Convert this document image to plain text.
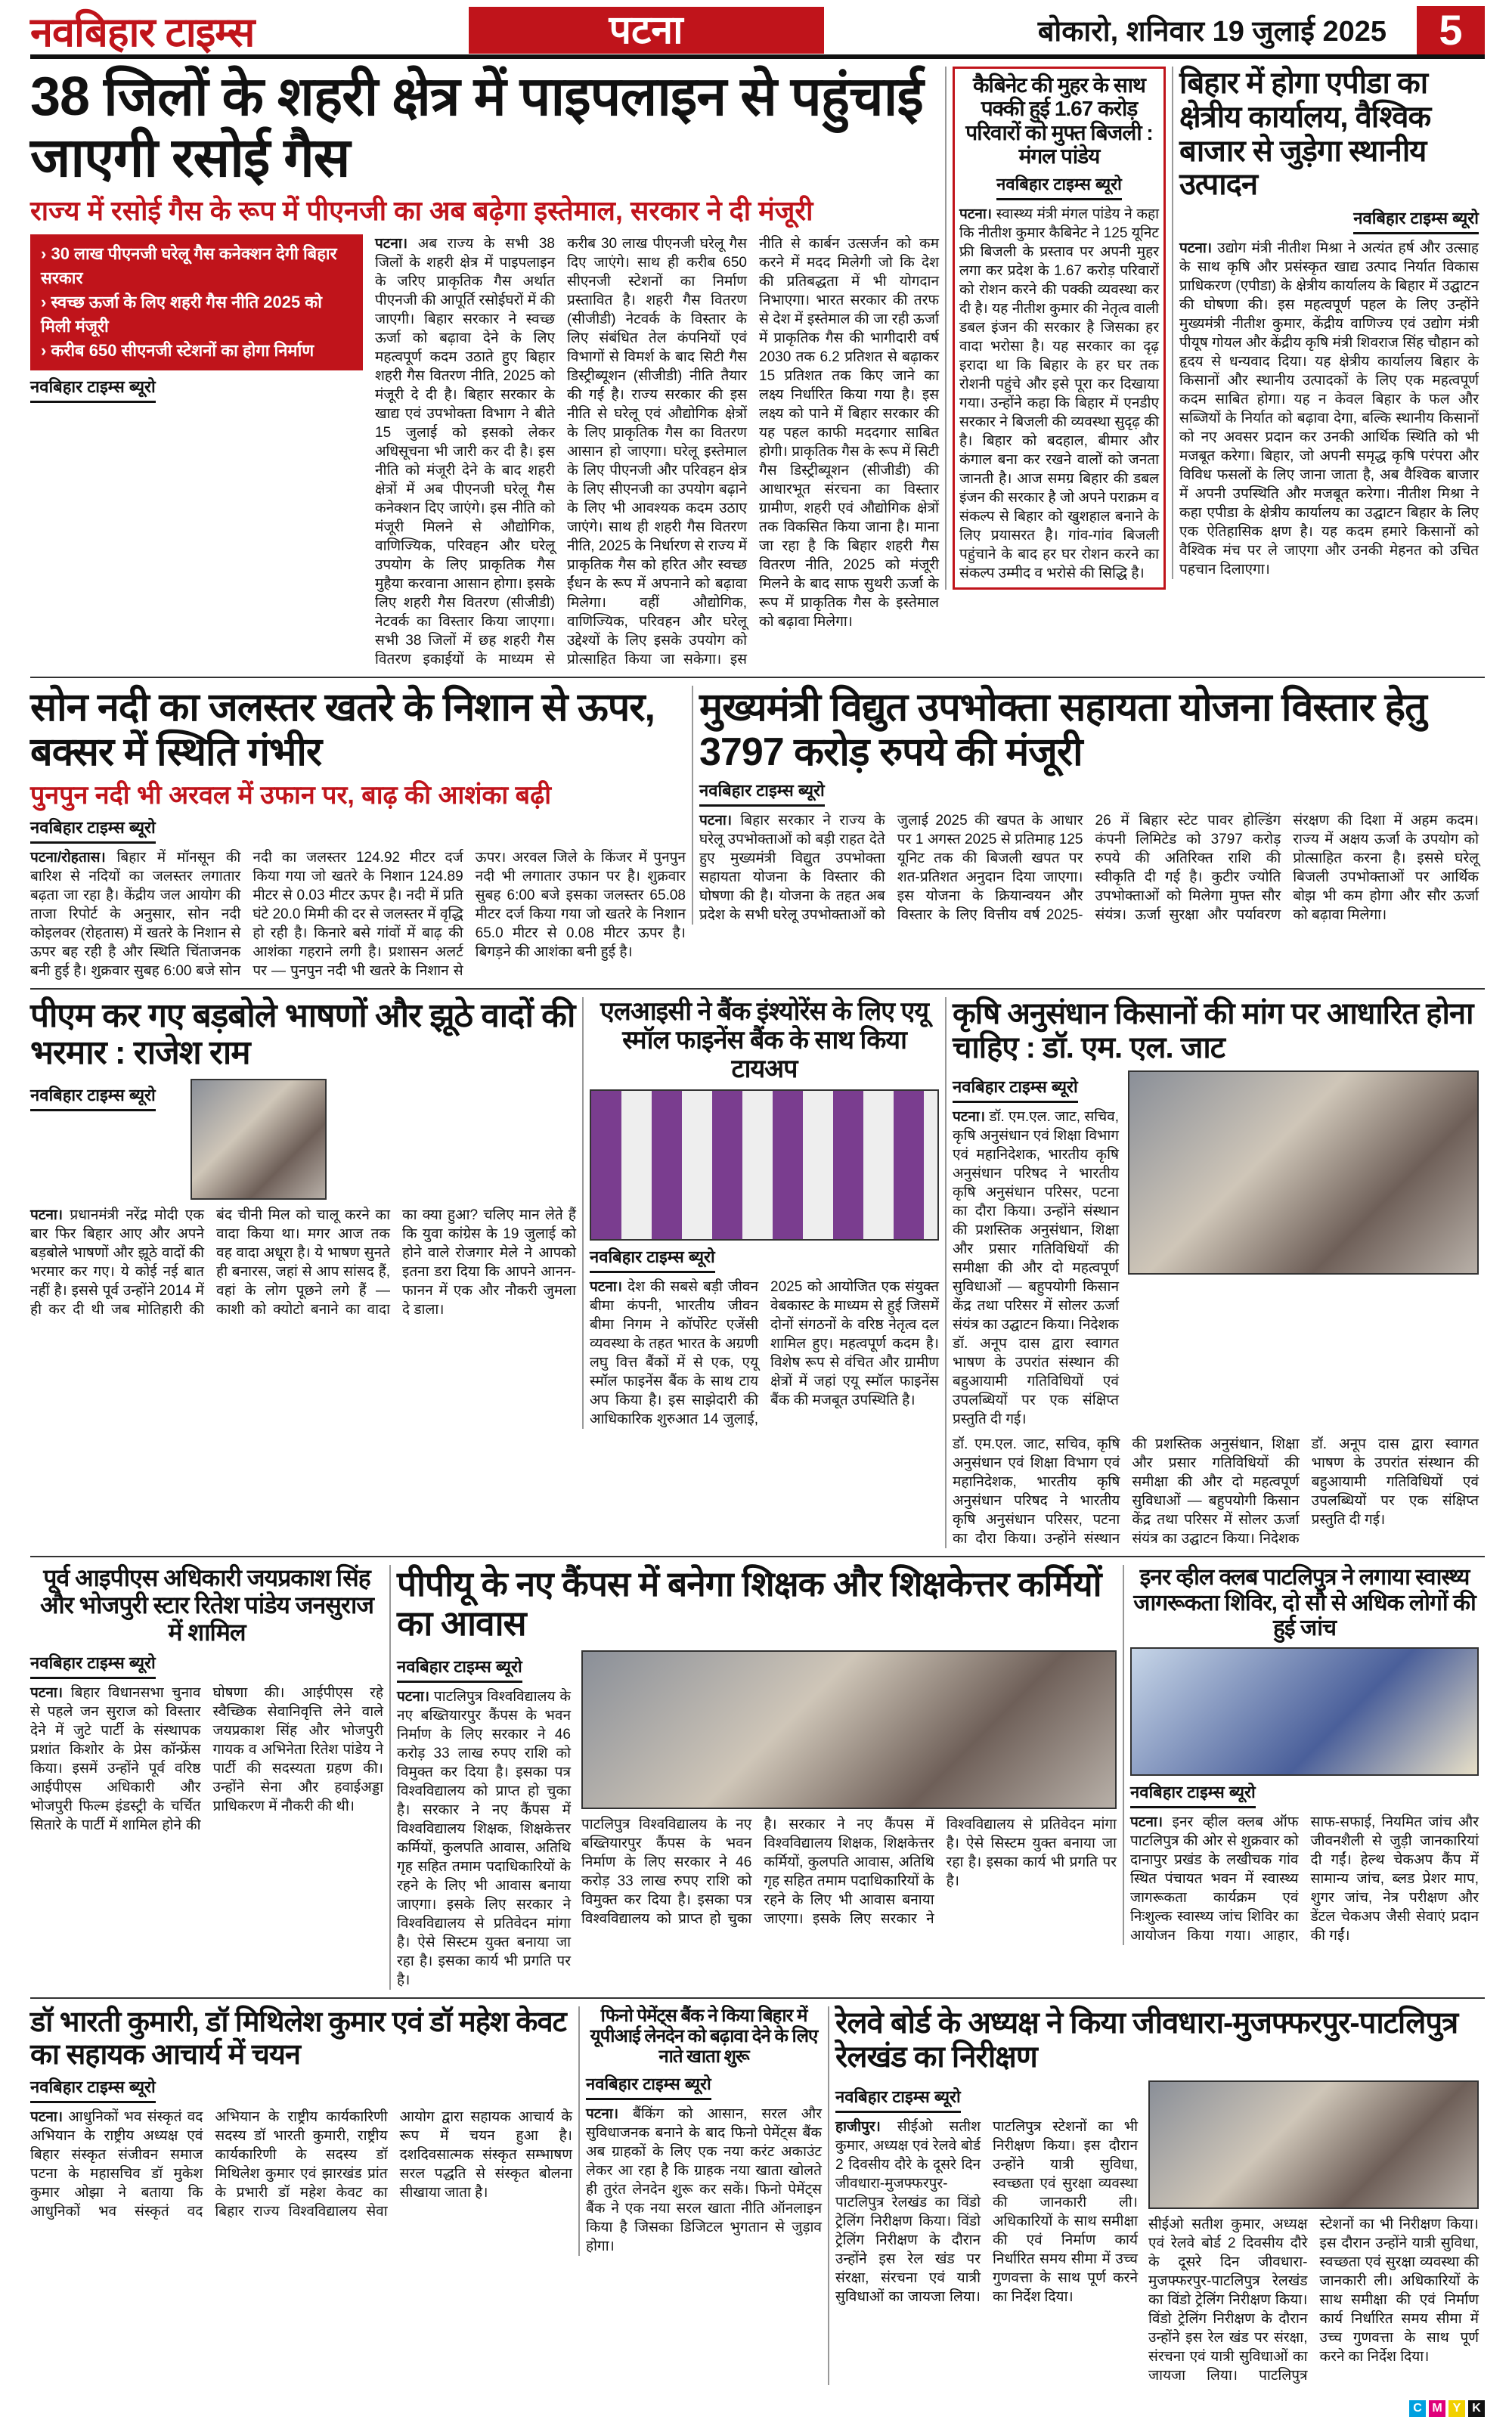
नवबिहार टाइम्स	पटना	बोकारो, शनिवार 19 जुलाई 2025	5
38 जिलों के शहरी क्षेत्र में पाइपलाइन से पहुंचाई जाएगी रसोई गैस
राज्य में रसोई गैस के रूप में पीएनजी का अब बढ़ेगा इस्तेमाल, सरकार ने दी मंजूरी
› 30 लाख पीएनजी घरेलू गैस कनेक्शन देगी बिहार सरकार
› स्वच्छ ऊर्जा के लिए शहरी गैस नीति 2025 को मिली मंजूरी
› करीब 650 सीएनजी स्टेशनों का होगा निर्माण
नवबिहार टाइम्स ब्यूरो
पटना। अब राज्य के सभी 38 जिलों के शहरी क्षेत्र में पाइपलाइन के जरिए प्राकृतिक गैस अर्थात पीएनजी की आपूर्ति रसोईघरों में की जाएगी। बिहार सरकार ने स्वच्छ ऊर्जा को बढ़ावा देने के लिए महत्वपूर्ण कदम उठाते हुए बिहार शहरी गैस वितरण नीति, 2025 को मंजूरी दे दी है। बिहार सरकार के खाद्य एवं उपभोक्ता विभाग ने बीते 15 जुलाई को इसको लेकर अधिसूचना भी जारी कर दी है। इस नीति को मंजूरी देने के बाद शहरी क्षेत्रों में अब पीएनजी घरेलू गैस कनेक्शन दिए जाएंगे। इस नीति को मंजूरी मिलने से औद्योगिक, वाणिज्यिक, परिवहन और घरेलू उपयोग के लिए प्राकृतिक गैस मुहैया करवाना आसान होगा। इसके लिए शहरी गैस वितरण (सीजीडी) नेटवर्क का विस्तार किया जाएगा। सभी 38 जिलों में छह शहरी गैस वितरण इकाईयों के माध्यम से करीब 30 लाख पीएनजी घरेलू गैस दिए जाएंगे। साथ ही करीब 650 सीएनजी स्टेशनों का निर्माण प्रस्तावित है। शहरी गैस वितरण (सीजीडी) नेटवर्क के विस्तार के लिए संबंधित तेल कंपनियों एवं विभागों से विमर्श के बाद सिटी गैस डिस्ट्रीब्यूशन (सीजीडी) नीति तैयार की गई है। राज्य सरकार की इस नीति से घरेलू एवं औद्योगिक क्षेत्रों के लिए प्राकृतिक गैस का वितरण आसान हो जाएगा। घरेलू इस्तेमाल के लिए पीएनजी और परिवहन क्षेत्र के लिए सीएनजी का उपयोग बढ़ाने के लिए भी आवश्यक कदम उठाए जाएंगे। साथ ही शहरी गैस वितरण नीति, 2025 के निर्धारण से राज्य में प्राकृतिक गैस को हरित और स्वच्छ ईंधन के रूप में अपनाने को बढ़ावा मिलेगा। वहीं औद्योगिक, वाणिज्यिक, परिवहन और घरेलू उद्देश्यों के लिए इसके उपयोग को प्रोत्साहित किया जा सकेगा। इस नीति से कार्बन उत्सर्जन को कम करने में मदद मिलेगी जो कि देश की प्रतिबद्धता में भी योगदान निभाएगा। भारत सरकार की तरफ से देश में इस्तेमाल की जा रही ऊर्जा में प्राकृतिक गैस की भागीदारी वर्ष 2030 तक 6.2 प्रतिशत से बढ़ाकर 15 प्रतिशत तक किए जाने का लक्ष्य निर्धारित किया गया है। इस लक्ष्य को पाने में बिहार सरकार की यह पहल काफी मददगार साबित होगी। प्राकृतिक गैस के रूप में सिटी गैस डिस्ट्रीब्यूशन (सीजीडी) की आधारभूत संरचना का विस्तार ग्रामीण, शहरी एवं औद्योगिक क्षेत्रों तक विकसित किया जाना है। माना जा रहा है कि बिहार शहरी गैस वितरण नीति, 2025 को मंजूरी मिलने के बाद साफ सुथरी ऊर्जा के रूप में प्राकृतिक गैस के इस्तेमाल को बढ़ावा मिलेगा।
कैबिनेट की मुहर के साथ पक्की हुई 1.67 करोड़ परिवारों को मुफ्त बिजली : मंगल पांडेय
नवबिहार टाइम्स ब्यूरो
पटना। स्वास्थ्य मंत्री मंगल पांडेय ने कहा कि नीतीश कुमार कैबिनेट ने 125 यूनिट फ्री बिजली के प्रस्ताव पर अपनी मुहर लगा कर प्रदेश के 1.67 करोड़ परिवारों को रोशन करने की पक्की व्यवस्था कर दी है। यह नीतीश कुमार की नेतृत्व वाली डबल इंजन की सरकार है जिसका हर वादा भरोसा है। यह सरकार का दृढ़ इरादा था कि बिहार के हर घर तक रोशनी पहुंचे और इसे पूरा कर दिखाया गया। उन्होंने कहा कि बिहार में एनडीए सरकार ने बिजली की व्यवस्था सुदृढ़ की है। बिहार को बदहाल, बीमार और कंगाल बना कर रखने वालों को जनता जानती है। आज समग्र बिहार की डबल इंजन की सरकार है जो अपने पराक्रम व संकल्प से बिहार को खुशहाल बनाने के लिए प्रयासरत है। गांव-गांव बिजली पहुंचाने के बाद हर घर रोशन करने का संकल्प उम्मीद व भरोसे की सिद्धि है।
बिहार में होगा एपीडा का क्षेत्रीय कार्यालय, वैश्विक बाजार से जुड़ेगा स्थानीय उत्पादन
नवबिहार टाइम्स ब्यूरो
पटना। उद्योग मंत्री नीतीश मिश्रा ने अत्यंत हर्ष और उत्साह के साथ कृषि और प्रसंस्कृत खाद्य उत्पाद निर्यात विकास प्राधिकरण (एपीडा) के क्षेत्रीय कार्यालय के बिहार में उद्घाटन की घोषणा की। इस महत्वपूर्ण पहल के लिए उन्होंने मुख्यमंत्री नीतीश कुमार, केंद्रीय वाणिज्य एवं उद्योग मंत्री पीयूष गोयल और केंद्रीय कृषि मंत्री शिवराज सिंह चौहान को हृदय से धन्यवाद दिया। यह क्षेत्रीय कार्यालय बिहार के किसानों और स्थानीय उत्पादकों के लिए एक महत्वपूर्ण कदम साबित होगा। यह न केवल बिहार के फल और सब्जियों के निर्यात को बढ़ावा देगा, बल्कि स्थानीय किसानों को नए अवसर प्रदान कर उनकी आर्थिक स्थिति को भी मजबूत करेगा। बिहार, जो अपनी समृद्ध कृषि परंपरा और विविध फसलों के लिए जाना जाता है, अब वैश्विक बाजार में अपनी उपस्थिति और मजबूत करेगा। नीतीश मिश्रा ने कहा एपीडा के क्षेत्रीय कार्यालय का उद्घाटन बिहार के लिए एक ऐतिहासिक क्षण है। यह कदम हमारे किसानों को वैश्विक मंच पर ले जाएगा और उनकी मेहनत को उचित पहचान दिलाएगा।
सोन नदी का जलस्तर खतरे के निशान से ऊपर, बक्सर में स्थिति गंभीर
पुनपुन नदी भी अरवल में उफान पर, बाढ़ की आशंका बढ़ी
नवबिहार टाइम्स ब्यूरो
पटना/रोहतास। बिहार में मॉनसून की बारिश से नदियों का जलस्तर लगातार बढ़ता जा रहा है। केंद्रीय जल आयोग की ताजा रिपोर्ट के अनुसार, सोन नदी कोइलवर (रोहतास) में खतरे के निशान से ऊपर बह रही है और स्थिति चिंताजनक बनी हुई है। शुक्रवार सुबह 6:00 बजे सोन नदी का जलस्तर 124.92 मीटर दर्ज किया गया जो खतरे के निशान 124.89 मीटर से 0.03 मीटर ऊपर है। नदी में प्रति घंटे 20.0 मिमी की दर से जलस्तर में वृद्धि हो रही है। किनारे बसे गांवों में बाढ़ की आशंका गहराने लगी है। प्रशासन अलर्ट पर — पुनपुन नदी भी खतरे के निशान से ऊपर। अरवल जिले के किंजर में पुनपुन नदी भी लगातार उफान पर है। शुक्रवार सुबह 6:00 बजे इसका जलस्तर 65.08 मीटर दर्ज किया गया जो खतरे के निशान 65.0 मीटर से 0.08 मीटर ऊपर है। बिगड़ने की आशंका बनी हुई है।
मुख्यमंत्री विद्युत उपभोक्ता सहायता योजना विस्तार हेतु 3797 करोड़ रुपये की मंजूरी
नवबिहार टाइम्स ब्यूरो
पटना। बिहार सरकार ने राज्य के घरेलू उपभोक्ताओं को बड़ी राहत देते हुए मुख्यमंत्री विद्युत उपभोक्ता सहायता योजना के विस्तार की घोषणा की है। योजना के तहत अब प्रदेश के सभी घरेलू उपभोक्ताओं को जुलाई 2025 की खपत के आधार पर 1 अगस्त 2025 से प्रतिमाह 125 यूनिट तक की बिजली खपत पर शत-प्रतिशत अनुदान दिया जाएगा। इस योजना के क्रियान्वयन और विस्तार के लिए वित्तीय वर्ष 2025-26 में बिहार स्टेट पावर होल्डिंग कंपनी लिमिटेड को 3797 करोड़ रुपये की अतिरिक्त राशि की स्वीकृति दी गई है। कुटीर ज्योति उपभोक्ताओं को मिलेगा मुफ्त सौर संयंत्र। ऊर्जा सुरक्षा और पर्यावरण संरक्षण की दिशा में अहम कदम। राज्य में अक्षय ऊर्जा के उपयोग को प्रोत्साहित करना है। इससे घरेलू बिजली उपभोक्ताओं पर आर्थिक बोझ भी कम होगा और सौर ऊर्जा को बढ़ावा मिलेगा।
पीएम कर गए बड़बोले भाषणों और झूठे वादों की भरमार : राजेश राम
नवबिहार टाइम्स ब्यूरो
पटना। प्रधानमंत्री नरेंद्र मोदी एक बार फिर बिहार आए और अपने बड़बोले भाषणों और झूठे वादों की भरमार कर गए। ये कोई नई बात नहीं है। इससे पूर्व उन्होंने 2014 में ही कर दी थी जब मोतिहारी की बंद चीनी मिल को चालू करने का वादा किया था। मगर आज तक वह वादा अधूरा है। ये भाषण सुनते ही बनारस, जहां से आप सांसद हैं, वहां के लोग पूछने लगे हैं — काशी को क्योटो बनाने का वादा का क्या हुआ? चलिए मान लेते हैं कि युवा कांग्रेस के 19 जुलाई को होने वाले रोजगार मेले ने आपको इतना डरा दिया कि आपने आनन-फानन में एक और नौकरी जुमला दे डाला।
एलआइसी ने बैंक इंश्योरेंस के लिए एयू स्मॉल फाइनेंस बैंक के साथ किया टायअप
नवबिहार टाइम्स ब्यूरो
पटना। देश की सबसे बड़ी जीवन बीमा कंपनी, भारतीय जीवन बीमा निगम ने कॉर्पोरेट एजेंसी व्यवस्था के तहत भारत के अग्रणी लघु वित्त बैंकों में से एक, एयू स्मॉल फाइनेंस बैंक के साथ टाय अप किया है। इस साझेदारी की आधिकारिक शुरुआत 14 जुलाई, 2025 को आयोजित एक संयुक्त वेबकास्ट के माध्यम से हुई जिसमें दोनों संगठनों के वरिष्ठ नेतृत्व दल शामिल हुए। महत्वपूर्ण कदम है। विशेष रूप से वंचित और ग्रामीण क्षेत्रों में जहां एयू स्मॉल फाइनेंस बैंक की मजबूत उपस्थिति है।
कृषि अनुसंधान किसानों की मांग पर आधारित होना चाहिए : डॉ. एम. एल. जाट
नवबिहार टाइम्स ब्यूरो
पटना। डॉ. एम.एल. जाट, सचिव, कृषि अनुसंधान एवं शिक्षा विभाग एवं महानिदेशक, भारतीय कृषि अनुसंधान परिषद ने भारतीय कृषि अनुसंधान परिसर, पटना का दौरा किया। उन्होंने संस्थान की प्रशस्तिक अनुसंधान, शिक्षा और प्रसार गतिविधियों की समीक्षा की और दो महत्वपूर्ण सुविधाओं — बहुपयोगी किसान केंद्र तथा परिसर में सोलर ऊर्जा संयंत्र का उद्घाटन किया। निदेशक डॉ. अनूप दास द्वारा स्वागत भाषण के उपरांत संस्थान की बहुआयामी गतिविधियों एवं उपलब्धियों पर एक संक्षिप्त प्रस्तुति दी गई।
डॉ. एम.एल. जाट, सचिव, कृषि अनुसंधान एवं शिक्षा विभाग एवं महानिदेशक, भारतीय कृषि अनुसंधान परिषद ने भारतीय कृषि अनुसंधान परिसर, पटना का दौरा किया। उन्होंने संस्थान की प्रशस्तिक अनुसंधान, शिक्षा और प्रसार गतिविधियों की समीक्षा की और दो महत्वपूर्ण सुविधाओं — बहुपयोगी किसान केंद्र तथा परिसर में सोलर ऊर्जा संयंत्र का उद्घाटन किया। निदेशक डॉ. अनूप दास द्वारा स्वागत भाषण के उपरांत संस्थान की बहुआयामी गतिविधियों एवं उपलब्धियों पर एक संक्षिप्त प्रस्तुति दी गई।
पूर्व आइपीएस अधिकारी जयप्रकाश सिंह और भोजपुरी स्टार रितेश पांडेय जनसुराज में शामिल
नवबिहार टाइम्स ब्यूरो
पटना। बिहार विधानसभा चुनाव से पहले जन सुराज को विस्तार देने में जुटे पार्टी के संस्थापक प्रशांत किशोर के प्रेस कॉन्फ्रेंस किया। इसमें उन्होंने पूर्व वरिष्ठ आईपीएस अधिकारी और भोजपुरी फिल्म इंडस्ट्री के चर्चित सितारे के पार्टी में शामिल होने की घोषणा की। आईपीएस रहे स्वैच्छिक सेवानिवृत्ति लेने वाले जयप्रकाश सिंह और भोजपुरी गायक व अभिनेता रितेश पांडेय ने पार्टी की सदस्यता ग्रहण की। उन्होंने सेना और हवाईअड्डा प्राधिकरण में नौकरी की थी।
पीपीयू के नए कैंपस में बनेगा शिक्षक और शिक्षकेत्तर कर्मियों का आवास
नवबिहार टाइम्स ब्यूरो
पटना। पाटलिपुत्र विश्वविद्यालय के नए बख्तियारपुर कैंपस के भवन निर्माण के लिए सरकार ने 46 करोड़ 33 लाख रुपए राशि को विमुक्त कर दिया है। इसका पत्र विश्वविद्यालय को प्राप्त हो चुका है। सरकार ने नए कैंपस में विश्वविद्यालय शिक्षक, शिक्षकेत्तर कर्मियों, कुलपति आवास, अतिथि गृह सहित तमाम पदाधिकारियों के रहने के लिए भी आवास बनाया जाएगा। इसके लिए सरकार ने विश्वविद्यालय से प्रतिवेदन मांगा है। ऐसे सिस्टम युक्त बनाया जा रहा है। इसका कार्य भी प्रगति पर है।
पाटलिपुत्र विश्वविद्यालय के नए बख्तियारपुर कैंपस के भवन निर्माण के लिए सरकार ने 46 करोड़ 33 लाख रुपए राशि को विमुक्त कर दिया है। इसका पत्र विश्वविद्यालय को प्राप्त हो चुका है। सरकार ने नए कैंपस में विश्वविद्यालय शिक्षक, शिक्षकेत्तर कर्मियों, कुलपति आवास, अतिथि गृह सहित तमाम पदाधिकारियों के रहने के लिए भी आवास बनाया जाएगा। इसके लिए सरकार ने विश्वविद्यालय से प्रतिवेदन मांगा है। ऐसे सिस्टम युक्त बनाया जा रहा है। इसका कार्य भी प्रगति पर है।
इनर व्हील क्लब पाटलिपुत्र ने लगाया स्वास्थ्य जागरूकता शिविर, दो सौ से अधिक लोगों की हुई जांच
नवबिहार टाइम्स ब्यूरो
पटना। इनर व्हील क्लब ऑफ पाटलिपुत्र की ओर से शुक्रवार को दानापुर प्रखंड के लखीचक गांव स्थित पंचायत भवन में स्वास्थ्य जागरूकता कार्यक्रम एवं निःशुल्क स्वास्थ्य जांच शिविर का आयोजन किया गया। आहार, साफ-सफाई, नियमित जांच और जीवनशैली से जुड़ी जानकारियां दी गईं। हेल्थ चेकअप कैंप में सामान्य जांच, ब्लड प्रेशर माप, शुगर जांच, नेत्र परीक्षण और डेंटल चेकअप जैसी सेवाएं प्रदान की गईं।
डॉ भारती कुमारी, डॉ मिथिलेश कुमार एवं डॉ महेश केवट का सहायक आचार्य में चयन
नवबिहार टाइम्स ब्यूरो
पटना। आधुनिकों भव संस्कृतं वद अभियान के राष्ट्रीय अध्यक्ष एवं बिहार संस्कृत संजीवन समाज पटना के महासचिव डॉ मुकेश कुमार ओझा ने बताया कि आधुनिकों भव संस्कृतं वद अभियान के राष्ट्रीय कार्यकारिणी सदस्य डॉ भारती कुमारी, राष्ट्रीय कार्यकारिणी के सदस्य डॉ मिथिलेश कुमार एवं झारखंड प्रांत के प्रभारी डॉ महेश केवट का बिहार राज्य विश्वविद्यालय सेवा आयोग द्वारा सहायक आचार्य के रूप में चयन हुआ है। दशदिवसात्मक संस्कृत सम्भाषण सरल पद्धति से संस्कृत बोलना सीखाया जाता है।
फिनो पेमेंट्स बैंक ने किया बिहार में यूपीआई लेनदेन को बढ़ावा देने के लिए नाते खाता शुरू
नवबिहार टाइम्स ब्यूरो
पटना। बैंकिंग को आसान, सरल और सुविधाजनक बनाने के बाद फिनो पेमेंट्स बैंक अब ग्राहकों के लिए एक नया करंट अकाउंट लेकर आ रहा है कि ग्राहक नया खाता खोलते ही तुरंत लेनदेन शुरू कर सकें। फिनो पेमेंट्स बैंक ने एक नया सरल खाता नीति ऑनलाइन किया है जिसका डिजिटल भुगतान से जुड़ाव होगा।
रेलवे बोर्ड के अध्यक्ष ने किया जीवधारा-मुजफ्फरपुर-पाटलिपुत्र रेलखंड का निरीक्षण
नवबिहार टाइम्स ब्यूरो
हाजीपुर। सीईओ सतीश कुमार, अध्यक्ष एवं रेलवे बोर्ड 2 दिवसीय दौरे के दूसरे दिन जीवधारा-मुजफ्फरपुर-पाटलिपुत्र रेलखंड का विंडो ट्रेलिंग निरीक्षण किया। विंडो ट्रेलिंग निरीक्षण के दौरान उन्होंने इस रेल खंड पर संरक्षा, संरचना एवं यात्री सुविधाओं का जायजा लिया। पाटलिपुत्र स्टेशनों का भी निरीक्षण किया। इस दौरान उन्होंने यात्री सुविधा, स्वच्छता एवं सुरक्षा व्यवस्था की जानकारी ली। अधिकारियों के साथ समीक्षा की एवं निर्माण कार्य निर्धारित समय सीमा में उच्च गुणवत्ता के साथ पूर्ण करने का निर्देश दिया।
सीईओ सतीश कुमार, अध्यक्ष एवं रेलवे बोर्ड 2 दिवसीय दौरे के दूसरे दिन जीवधारा-मुजफ्फरपुर-पाटलिपुत्र रेलखंड का विंडो ट्रेलिंग निरीक्षण किया। विंडो ट्रेलिंग निरीक्षण के दौरान उन्होंने इस रेल खंड पर संरक्षा, संरचना एवं यात्री सुविधाओं का जायजा लिया। पाटलिपुत्र स्टेशनों का भी निरीक्षण किया। इस दौरान उन्होंने यात्री सुविधा, स्वच्छता एवं सुरक्षा व्यवस्था की जानकारी ली। अधिकारियों के साथ समीक्षा की एवं निर्माण कार्य निर्धारित समय सीमा में उच्च गुणवत्ता के साथ पूर्ण करने का निर्देश दिया।
C M Y K
